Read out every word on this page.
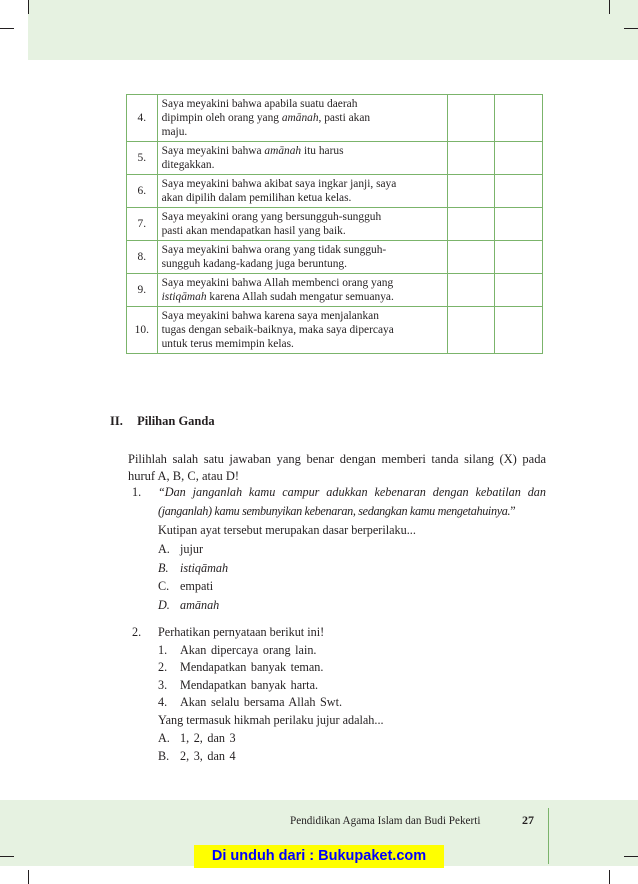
4.	Saya meyakini bahwa apabila suatu daerah
dipimpin oleh orang yang amānah, pasti akan
maju.		

5.	Saya meyakini bahwa amānah itu harus
ditegakkan.		

6.	Saya meyakini bahwa akibat saya ingkar janji, saya
akan dipilih dalam pemilihan ketua kelas.		

7.	Saya meyakini orang yang bersungguh-sungguh
pasti akan mendapatkan hasil yang baik.		

8.	Saya meyakini bahwa orang yang tidak sungguh-
sungguh kadang-kadang juga beruntung.		

9.	Saya meyakini bahwa Allah membenci orang yang
istiqāmah karena Allah sudah mengatur semuanya.		

10.	Saya meyakini bahwa karena saya menjalankan
tugas dengan sebaik-baiknya, maka saya dipercaya
untuk terus memimpin kelas.		

II. Pilihan Ganda
Pilihlah salah satu jawaban yang benar dengan memberi tanda silang (X) pada huruf A, B, C, atau D!
1. “Dan janganlah kamu campur adukkan kebenaran dengan kebatilan dan
(janganlah) kamu sembunyikan kebenaran, sedangkan kamu mengetahuinya.”
Kutipan ayat tersebut merupakan dasar berperilaku...
A. jujur
B. istiqāmah
C. empati
D. amānah
2. Perhatikan pernyataan berikut ini!
1. Akan dipercaya orang lain.
2. Mendapatkan banyak teman.
3. Mendapatkan banyak harta.
4. Akan selalu bersama Allah Swt.
Yang termasuk hikmah perilaku jujur adalah...
A. 1, 2, dan 3
B. 2, 3, dan 4
Pendidikan Agama Islam dan Budi Pekerti	27
Di unduh dari : Bukupaket.com
